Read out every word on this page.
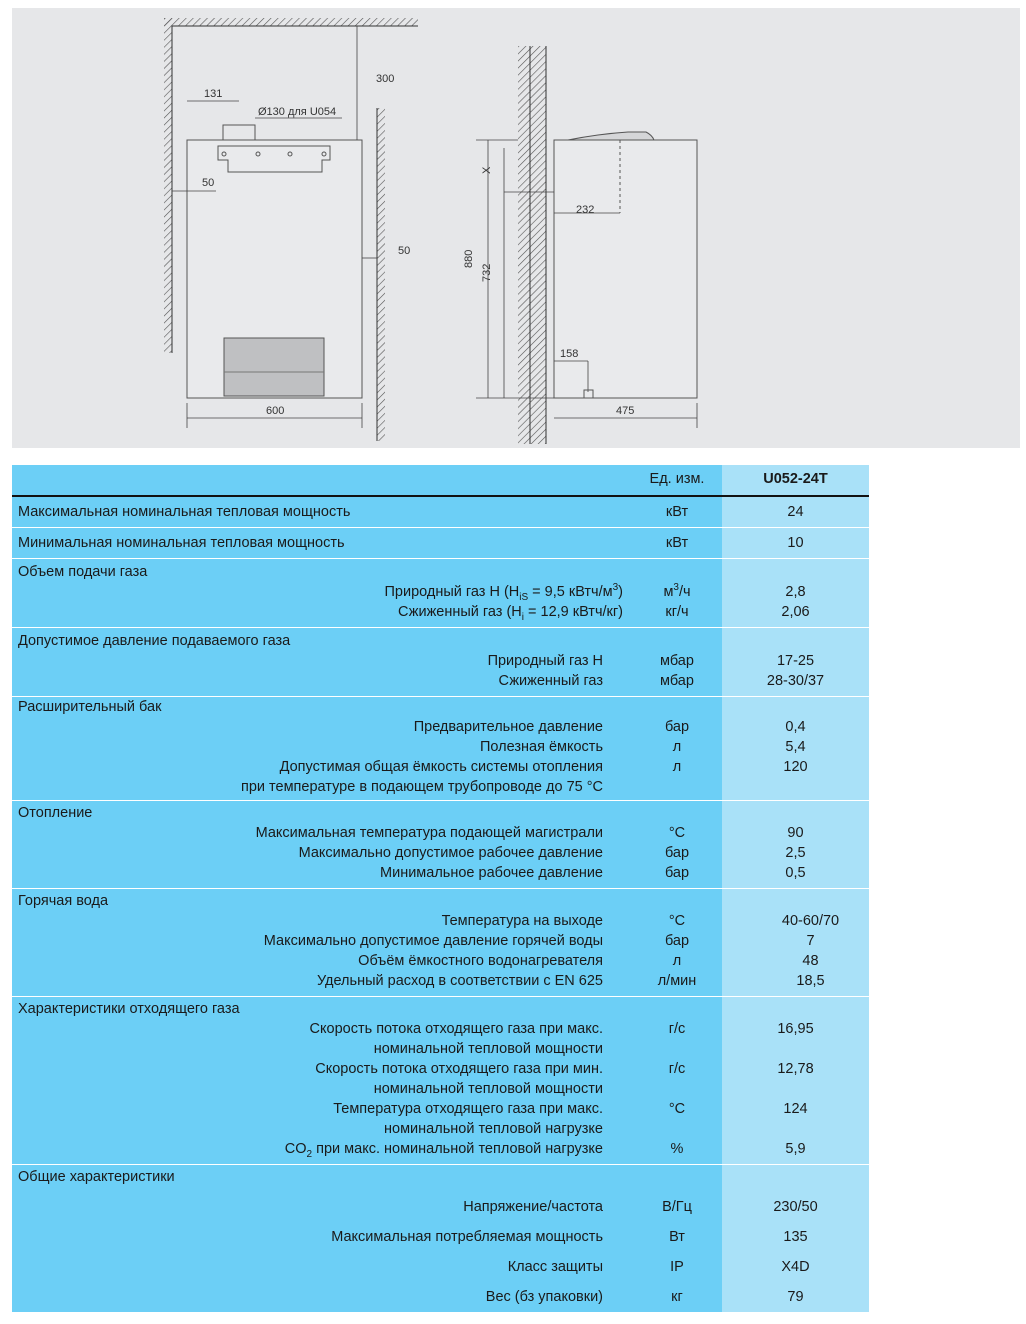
300
131
Ø130 для U054
50
50
600
232
880
732
X
158
475
Ед. изм.	U052-24T
Максимальная номинальная тепловая мощность	кВт	24
Минимальная номинальная тепловая мощность	кВт	10
Объем подачи газа
Природный газ H ($H_{iS} = 9,5$ кВтч/$м^3$)	$м^3/ч$	2,8
Сжиженный газ ($H_i = 12,9$ кВтч/кг)	кг/ч	2,06
Допустимое давление подаваемого газа
Природный газ H	мбар	17-25
Сжиженный газ	мбар	28-30/37
Расширительный бак
Предварительное давление	бар	0,4
Полезная ёмкость	л	5,4
Допустимая общая ёмкость системы отопления	л	120
при температуре в подающем трубопроводе до 75 °C
Отопление
Максимальная температура подающей магистрали	°C	90
Максимально допустимое рабочее давление	бар	2,5
Минимальное рабочее давление	бар	0,5
Горячая вода
Температура на выходе	°C	40-60/70
Максимально допустимое давление горячей воды	бар	7
Объём ёмкостного водонагревателя	л	48
Удельный расход в соответствии с EN 625	л/мин	18,5
Характеристики отходящего газа
Скорость потока отходящего газа при макс.	г/с	16,95
номинальной тепловой мощности
Скорость потока отходящего газа при мин.	г/с	12,78
номинальной тепловой мощности
Температура отходящего газа при макс.	°C	124
номинальной тепловой нагрузке
$CO_2$ при макс. номинальной тепловой нагрузке	%	5,9
Общие характеристики
Напряжение/частота	В/Гц	230/50
Максимальная потребляемая мощность	Вт	135
Класс защиты	IP	X4D
Вес (бз упаковки)	кг	79
